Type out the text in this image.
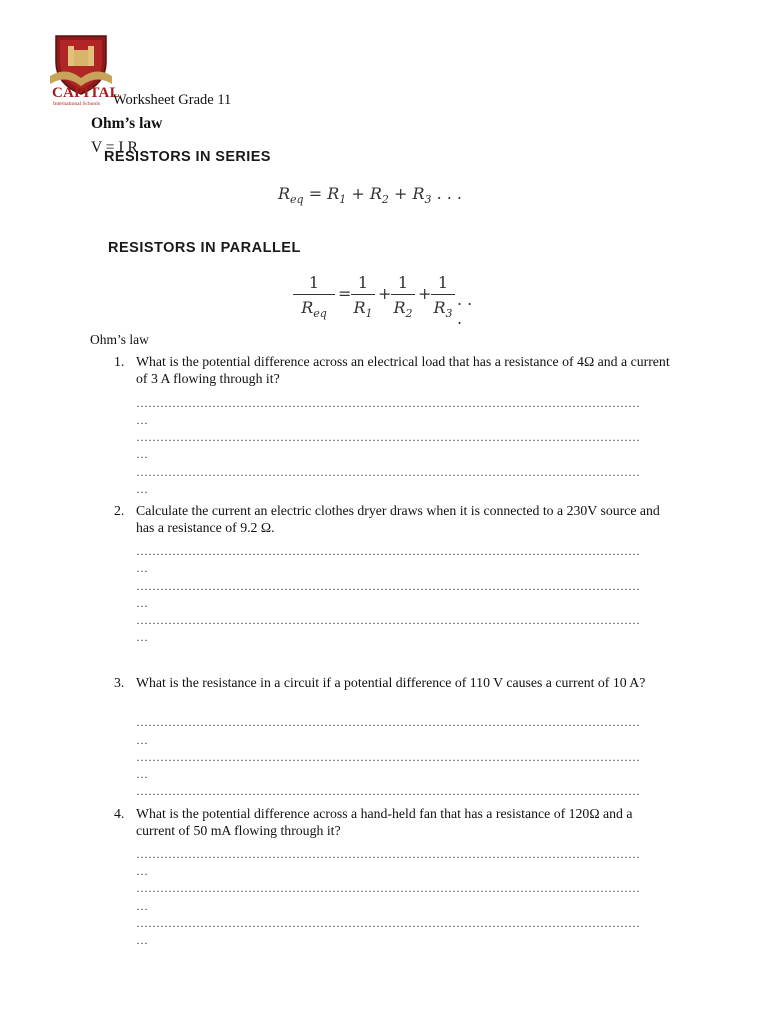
CAPITAL
International Schools Worksheet Grade 11
Ohm’s law
RESISTORS IN SERIES
V = I R
$R_{eq} = R_1 + R_2 + R_3$ . . .
RESISTORS IN PARALLEL
1
$R_{eq}$
=
1
$R_1$
+
1
$R_2$
+
1
$R_3$
. . .
Ohm’s law
1. What is the potential difference across an electrical load that has a resistance of 4Ω and a current of 3 A flowing through it?
………………………………………………………………………………………………………………
…
………………………………………………………………………………………………………………
…
………………………………………………………………………………………………………………
…
2. Calculate the current an electric clothes dryer draws when it is connected to a 230V source and has a resistance of 9.2 Ω.
………………………………………………………………………………………………………………
…
………………………………………………………………………………………………………………
…
………………………………………………………………………………………………………………
…
3. What is the resistance in a circuit if a potential difference of 110 V causes a current of 10 A?
………………………………………………………………………………………………………………
…
………………………………………………………………………………………………………………
…
………………………………………………………………………………………………………………
4. What is the potential difference across a hand-held fan that has a resistance of 120Ω and a current of 50 mA flowing through it?
………………………………………………………………………………………………………………
…
………………………………………………………………………………………………………………
…
………………………………………………………………………………………………………………
…
